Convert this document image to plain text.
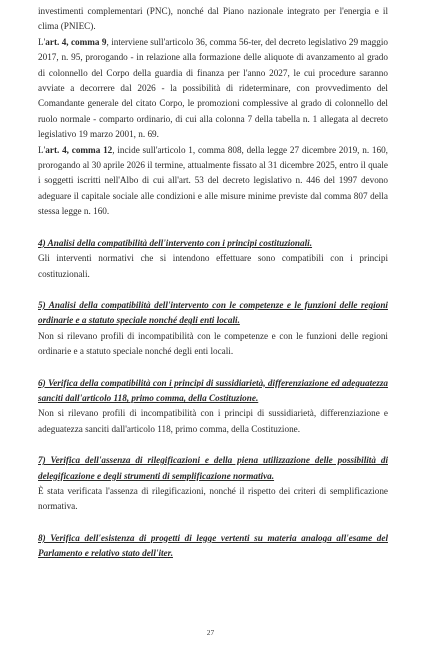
investimenti complementari (PNC), nonché dal Piano nazionale integrato per l'energia e il clima (PNIEC).

L'art. 4, comma 9, interviene sull'articolo 36, comma 56-ter, del decreto legislativo 29 maggio 2017, n. 95, prorogando - in relazione alla formazione delle aliquote di avanzamento al grado di colonnello del Corpo della guardia di finanza per l'anno 2027, le cui procedure saranno avviate a decorrere dal 2026 - la possibilità di rideterminare, con provvedimento del Comandante generale del citato Corpo, le promozioni complessive al grado di colonnello del ruolo normale - comparto ordinario, di cui alla colonna 7 della tabella n. 1 allegata al decreto legislativo 19 marzo 2001, n. 69.

L'art. 4, comma 12, incide sull'articolo 1, comma 808, della legge 27 dicembre 2019, n. 160, prorogando al 30 aprile 2026 il termine, attualmente fissato al 31 dicembre 2025, entro il quale i soggetti iscritti nell'Albo di cui all'art. 53 del decreto legislativo n. 446 del 1997 devono adeguare il capitale sociale alle condizioni e alle misure minime previste dal comma 807 della stessa legge n. 160.

4) Analisi della compatibilità dell'intervento con i principi costituzionali.

Gli interventi normativi che si intendono effettuare sono compatibili con i principi costituzionali.

5) Analisi della compatibilità dell'intervento con le competenze e le funzioni delle regioni ordinarie e a statuto speciale nonché degli enti locali.

Non si rilevano profili di incompatibilità con le competenze e con le funzioni delle regioni ordinarie e a statuto speciale nonché degli enti locali.

6) Verifica della compatibilità con i principi di sussidiarietà, differenziazione ed adeguatezza sanciti dall'articolo 118, primo comma, della Costituzione.

Non si rilevano profili di incompatibilità con i principi di sussidiarietà, differenziazione e adeguatezza sanciti dall'articolo 118, primo comma, della Costituzione.

7) Verifica dell'assenza di rilegificazioni e della piena utilizzazione delle possibilità di delegificazione e degli strumenti di semplificazione normativa.

È stata verificata l'assenza di rilegificazioni, nonché il rispetto dei criteri di semplificazione normativa.

8) Verifica dell'esistenza di progetti di legge vertenti su materia analoga all'esame del Parlamento e relativo stato dell'iter.

27
